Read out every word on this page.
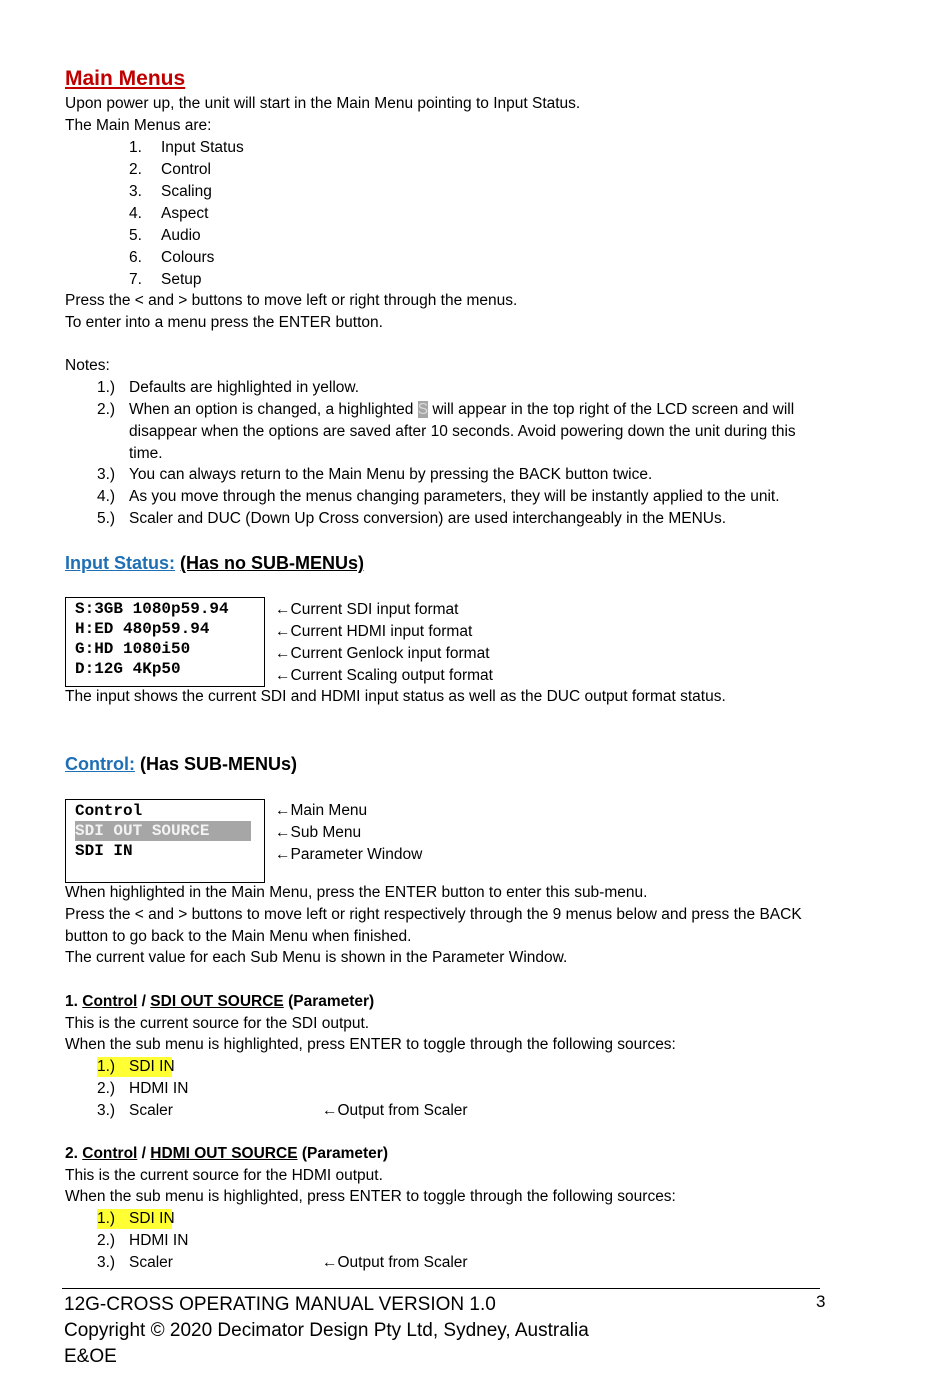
Main Menus
Upon power up, the unit will start in the Main Menu pointing to Input Status.
The Main Menus are:
1. Input Status
2. Control
3. Scaling
4. Aspect
5. Audio
6. Colours
7. Setup
Press the < and > buttons to move left or right through the menus.
To enter into a menu press the ENTER button.
Notes:
1.) Defaults are highlighted in yellow.
2.) When an option is changed, a highlighted S will appear in the top right of the LCD screen and will
disappear when the options are saved after 10 seconds. Avoid powering down the unit during this
time.
3.) You can always return to the Main Menu by pressing the BACK button twice.
4.) As you move through the menus changing parameters, they will be instantly applied to the unit.
5.) Scaler and DUC (Down Up Cross conversion) are used interchangeably in the MENUs.
Input Status: (Has no SUB-MENUs)
S:3GB 1080p59.94
H:ED 480p59.94
G:HD 1080i50
D:12G 4Kp50
←Current SDI input format
←Current HDMI input format
←Current Genlock input format
←Current Scaling output format
The input shows the current SDI and HDMI input status as well as the DUC output format status.
Control: (Has SUB-MENUs)
Control
SDI OUT SOURCE
SDI IN
←Main Menu
←Sub Menu
←Parameter Window
When highlighted in the Main Menu, press the ENTER button to enter this sub-menu.
Press the < and > buttons to move left or right respectively through the 9 menus below and press the BACK
button to go back to the Main Menu when finished.
The current value for each Sub Menu is shown in the Parameter Window.
1. Control / SDI OUT SOURCE (Parameter)
This is the current source for the SDI output.
When the sub menu is highlighted, press ENTER to toggle through the following sources:
1.) SDI IN
2.) HDMI IN
3.) Scaler	←Output from Scaler
2. Control / HDMI OUT SOURCE (Parameter)
This is the current source for the HDMI output.
When the sub menu is highlighted, press ENTER to toggle through the following sources:
1.) SDI IN
2.) HDMI IN
3.) Scaler	←Output from Scaler
12G-CROSS OPERATING MANUAL VERSION 1.0
Copyright © 2020 Decimator Design Pty Ltd, Sydney, Australia
E&OE
3
